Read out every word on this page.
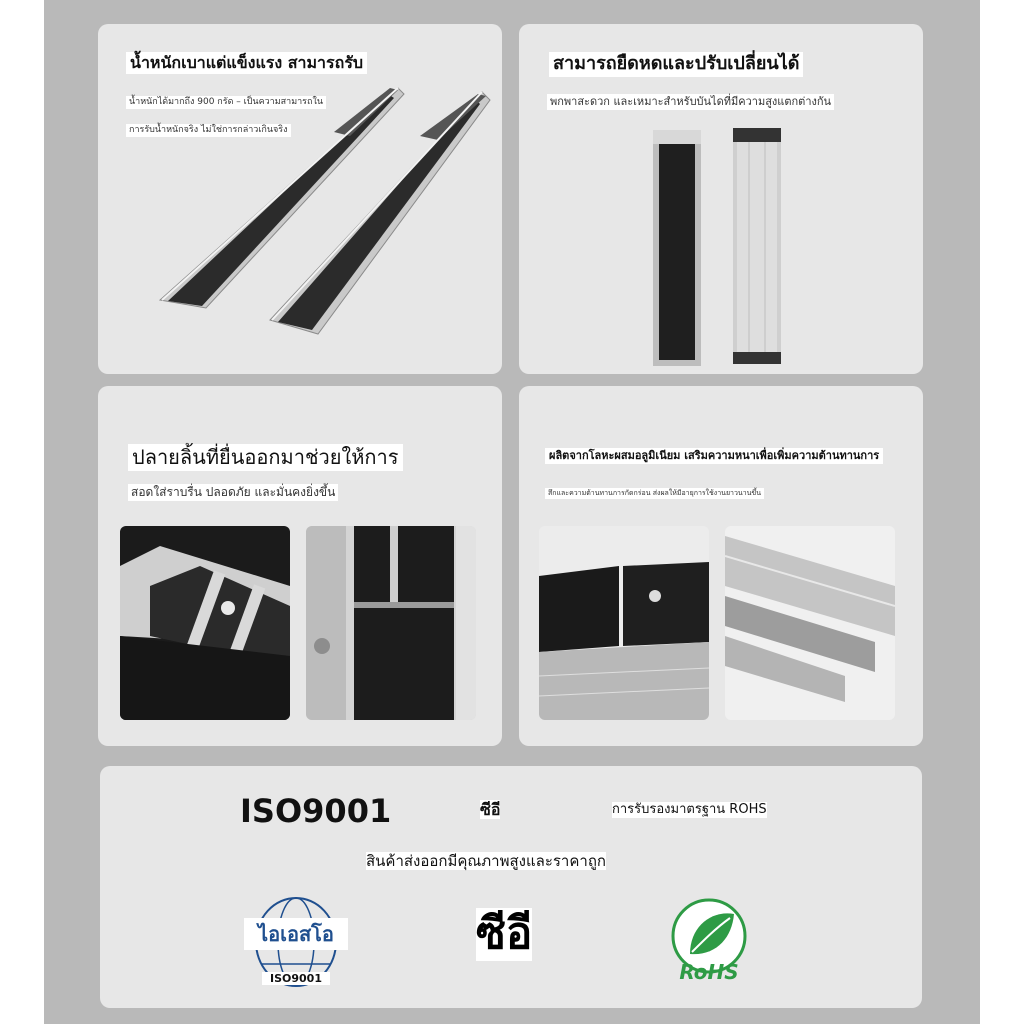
น้ำหนักเบาแต่แข็งแรง สามารถรับ
น้ำหนักได้มากถึง 900 กรัด – เป็นความสามารถใน
การรับน้ำหนักจริง ไม่ใช่การกล่าวเกินจริง
สามารถยืดหดและปรับเปลี่ยนได้
พกพาสะดวก และเหมาะสำหรับบันไดที่มีความสูงแตกต่างกัน
ปลายลิ้นที่ยื่นออกมาช่วยให้การ
สอดใส่ราบรื่น ปลอดภัย และมั่นคงยิ่งขึ้น
ผลิตจากโลหะผสมอลูมิเนียม เสริมความหนาเพื่อเพิ่มความต้านทานการ
สึกและความต้านทานการกัดกร่อน ส่งผลให้มีอายุการใช้งานยาวนานขึ้น
ISO9001	ซีอี	การรับรองมาตรฐาน ROHS
สินค้าส่งออกมีคุณภาพสูงและราคาถูก
ไอเอสโอ
ISO9001
ซีอี
RoHS
